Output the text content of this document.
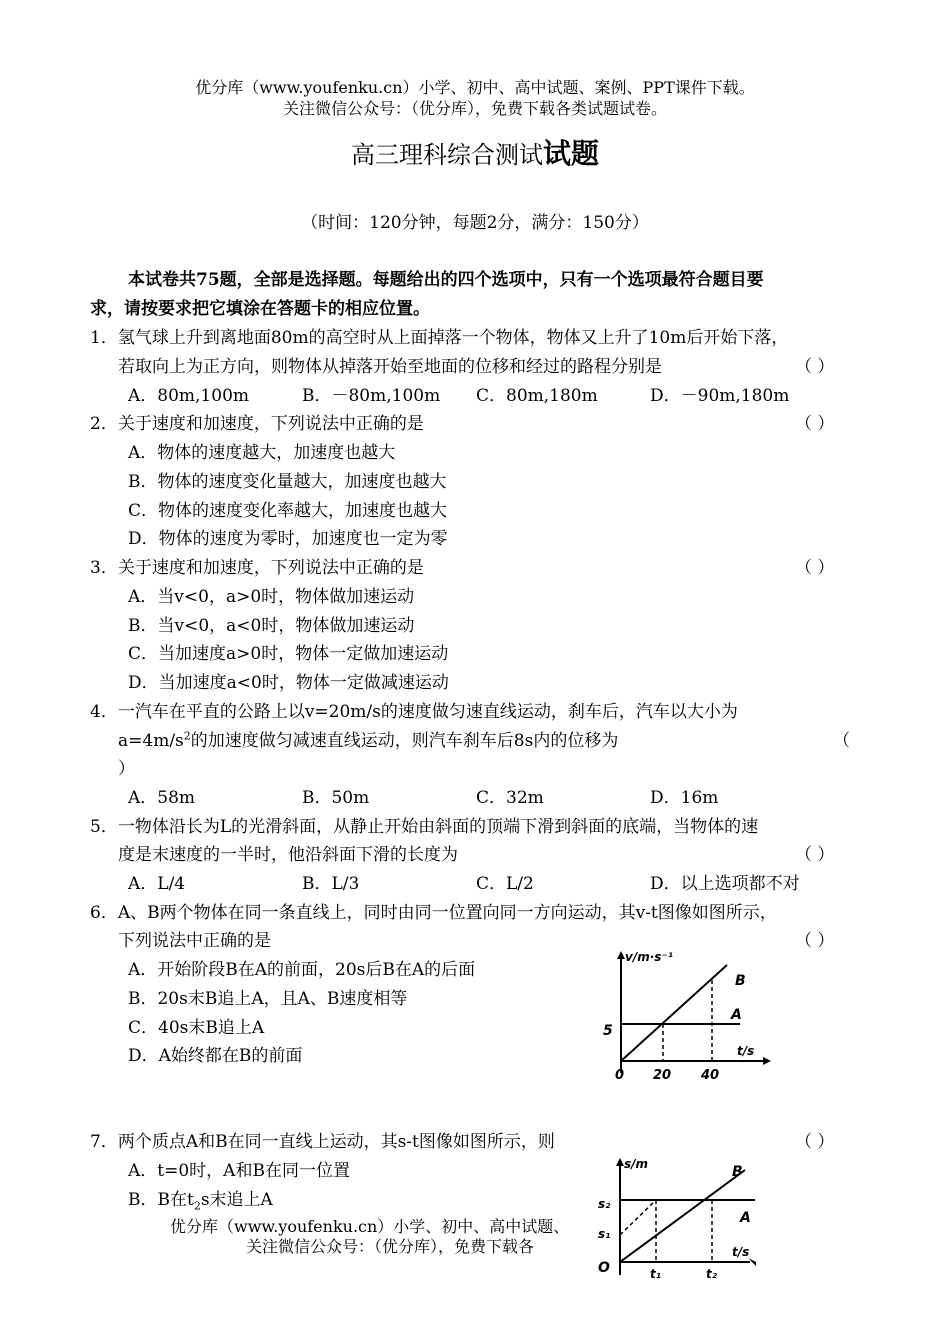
优分库（www.youfenku.cn）小学、初中、高中试题、案例、PPT课件下载。
关注微信公众号：（优分库），免费下载各类试题试卷。
高三理科综合测试试题
（时间：120分钟，每题2分，满分：150分）
本试卷共75题，全部是选择题。每题给出的四个选项中，只有一个选项最符合题目要
求，请按要求把它填涂在答题卡的相应位置。
1．氢气球上升到离地面80m的高空时从上面掉落一个物体，物体又上升了10m后开始下落，
若取向上为正方向，则物体从掉落开始至地面的位移和经过的路程分别是	（ ）
A．80m,100m	B．－80m,100m C．80m,180m	D．－90m,180m
2．关于速度和加速度，下列说法中正确的是	（ ）
A．物体的速度越大，加速度也越大
B．物体的速度变化量越大，加速度也越大
C．物体的速度变化率越大，加速度也越大
D．物体的速度为零时，加速度也一定为零
3．关于速度和加速度，下列说法中正确的是	（ ）
A．当v<0，a>0时，物体做加速运动
B．当v<0，a<0时，物体做加速运动
C．当加速度a>0时，物体一定做加速运动
D．当加速度a<0时，物体一定做减速运动
4．一汽车在平直的公路上以v=20m/s的速度做匀速直线运动，刹车后，汽车以大小为
$a=4m/s^2$的加速度做匀减速直线运动，则汽车刹车后8s内的位移为	（
）
A．58m	B．50m	C．32m	D．16m
5．一物体沿长为L的光滑斜面，从静止开始由斜面的顶端下滑到斜面的底端，当物体的速
度是末速度的一半时，他沿斜面下滑的长度为	（ ）
A．L/4	B．L/3	C．L/2	D．以上选项都不对
6．A、B两个物体在同一条直线上，同时由同一位置向同一方向运动，其v-t图像如图所示，
下列说法中正确的是	（ ）
A．开始阶段B在A的前面，20s后B在A的后面
B．20s末B追上A，且A、B速度相等
C．40s末B追上A
D．A始终都在B的前面
v/m·s⁻¹
B
A
5
t/s
0 20 40
7．两个质点A和B在同一直线上运动，其s-t图像如图所示，则	（ ）
A．t=0时，A和B在同一位置
B．B在$t_2s$末追上A
s/m	B
A
s₂
s₁
t/s
O	t₁	t₂
优分库（www.youfenku.cn）小学、初中、高中试题、
关注微信公众号：（优分库），免费下载各
